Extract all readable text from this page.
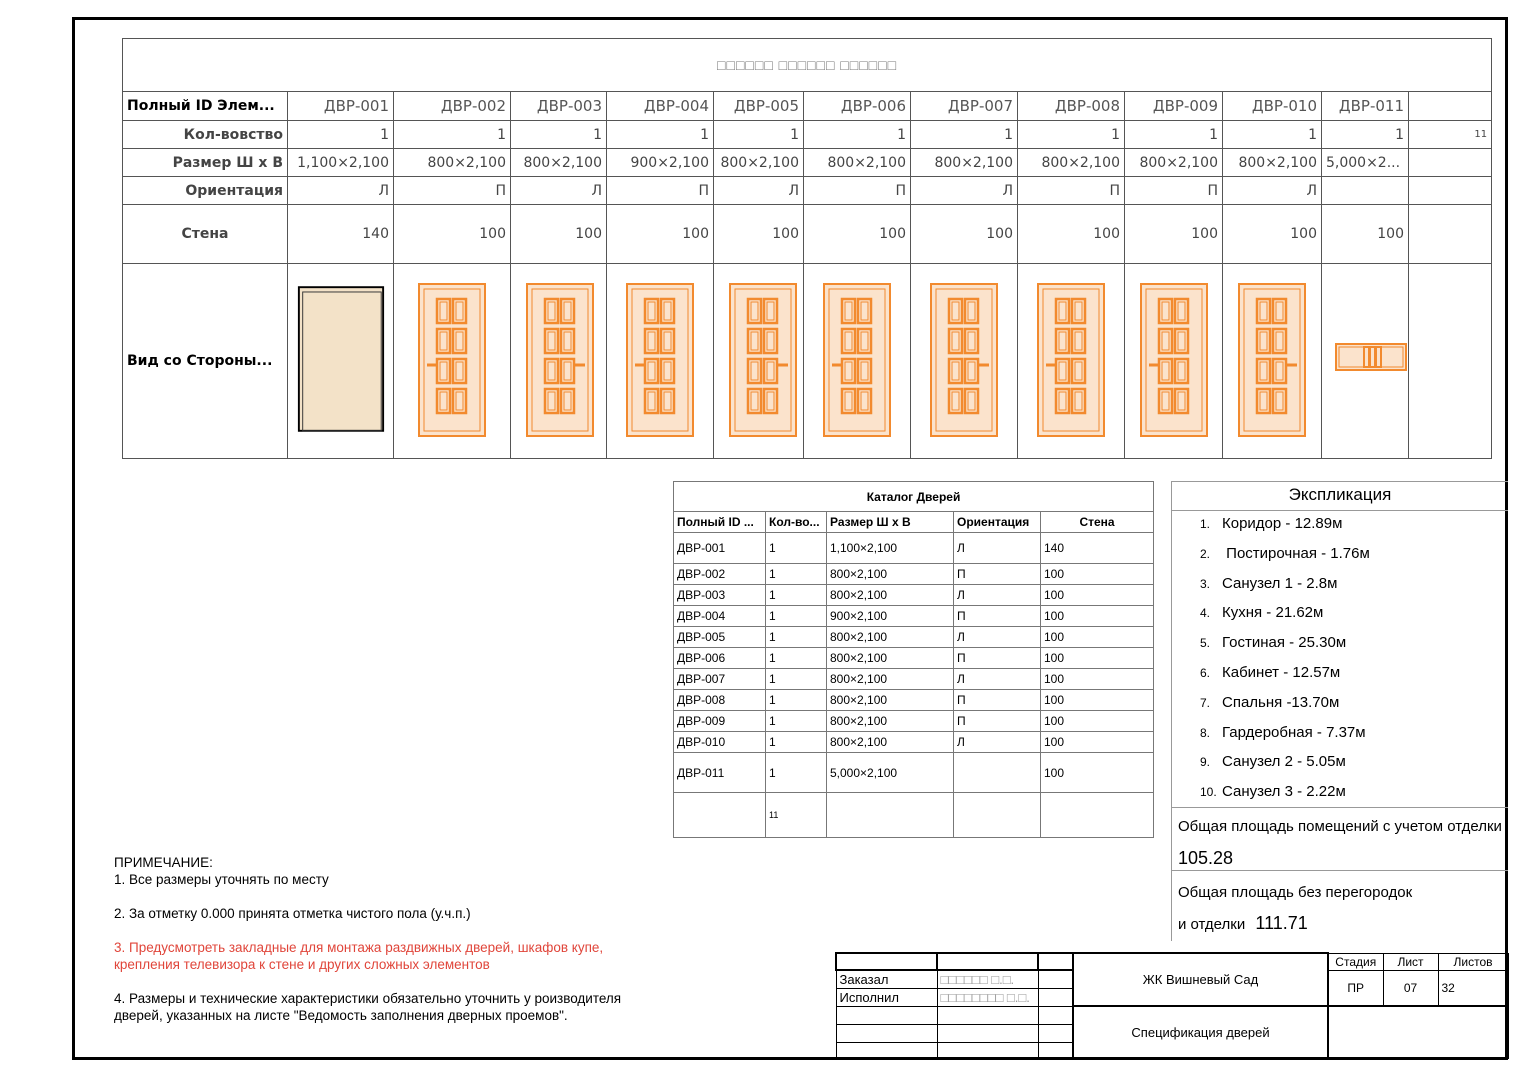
□□□□□□ □□□□□□ □□□□□□												
Полный ID Элем...	ДВР-001	ДВР-002	ДВР-003	ДВР-004	ДВР-005	ДВР-006	ДВР-007	ДВР-008	ДВР-009	ДВР-010	ДВР-011	
Кол-вовство	1	1	1	1	1	1	1	1	1	1	1	11
Размер Ш х В	1,100×2,100	800×2,100	800×2,100	900×2,100	800×2,100	800×2,100	800×2,100	800×2,100	800×2,100	800×2,100	5,000×2...	
Ориентация	Л	П	Л	П	Л	П	Л	П	П	Л		
Стена	140	100	100	100	100	100	100	100	100	100	100	
Вид со Стороны...												
Каталог Дверей				
Полный ID ...	Кол-во...	Размер Ш х В	Ориентация	Стена
ДВР-001	1	1,100×2,100	Л	140
ДВР-002	1	800×2,100	П	100
ДВР-003	1	800×2,100	Л	100
ДВР-004	1	900×2,100	П	100
ДВР-005	1	800×2,100	Л	100
ДВР-006	1	800×2,100	П	100
ДВР-007	1	800×2,100	Л	100
ДВР-008	1	800×2,100	П	100
ДВР-009	1	800×2,100	П	100
ДВР-010	1	800×2,100	Л	100
ДВР-011	1	5,000×2,100		100
	11			
Экспликация
1. Коридор - 12.89м
2. Постирочная - 1.76м
3. Санузел 1 - 2.8м
4. Кухня - 21.62м
5. Гостиная - 25.30м
6. Кабинет - 12.57м
7. Спальня -13.70м
8. Гардеробная - 7.37м
9. Санузел 2 - 5.05м
10. Санузел 3 - 2.22м
Общая площадь помещений с учетом отделки
105.28
Общая площадь без перегородок
и отделки 111.71

ПРИМЕЧАНИЕ:

1. Все размеры уточнять по месту

2. За отметку 0.000 принята отметка чистого пола (у.ч.п.)

3. Предусмотреть закладные для монтажа раздвижных дверей, шкафов купе,
крепления телевизора к стене и других сложных элементов

4. Размеры и технические характеристики обязательно уточнить у роизводителя
дверей, указанных на листе "Ведомость заполнения дверных проемов".

			ЖК Вишневый Сад	Стадия	Лист	Листов
Заказал	□□□□□□ □.□.			ПР	07	32
Исполнил	□□□□□□□□ □.□.					
			Спецификация дверей			
